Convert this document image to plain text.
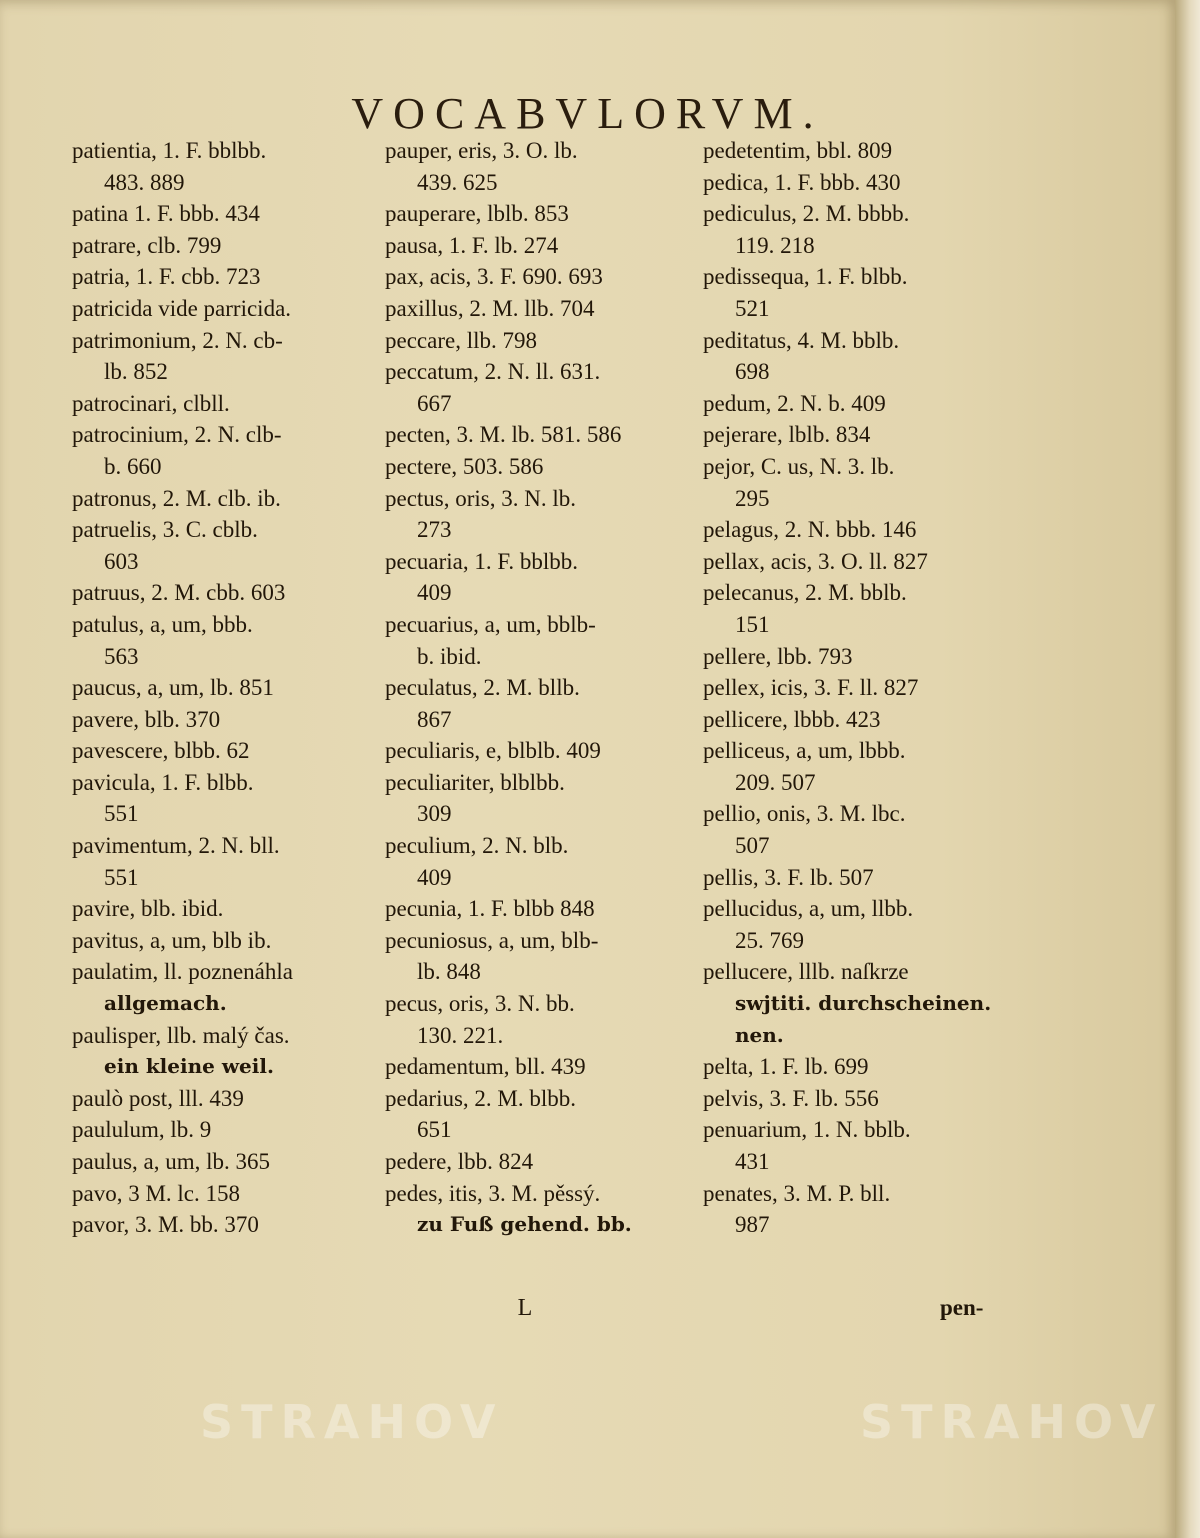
VOCABVLORVM.
patientia, 1. F. bblbb.
483. 889
patina 1. F. bbb. 434
patrare, clb. 799
patria, 1. F. cbb. 723
patricida vide parricida.
patrimonium, 2. N. cb-
lb. 852
patrocinari, clbll.
patrocinium, 2. N. clb-
b. 660
patronus, 2. M. clb. ib.
patruelis, 3. C. cblb.
603
patruus, 2. M. cbb. 603
patulus, a, um, bbb.
563
paucus, a, um, lb. 851
pavere, blb. 370
pavescere, blbb. 62
pavicula, 1. F. blbb.
551
pavimentum, 2. N. bll.
551
pavire, blb. ibid.
pavitus, a, um, blb ib.
paulatim, ll. poznenáhla
allgemach.
paulisper, llb. malý čas.
ein kleine weil.
paulò post, lll. 439
paululum, lb. 9
paulus, a, um, lb. 365
pavo, 3 M. lc. 158
pavor, 3. M. bb. 370
pauper, eris, 3. O. lb.
439. 625
pauperare, lblb. 853
pausa, 1. F. lb. 274
pax, acis, 3. F. 690. 693
paxillus, 2. M. llb. 704
peccare, llb. 798
peccatum, 2. N. ll. 631.
667
pecten, 3. M. lb. 581. 586
pectere, 503. 586
pectus, oris, 3. N. lb.
273
pecuaria, 1. F. bblbb.
409
pecuarius, a, um, bblb-
b. ibid.
peculatus, 2. M. bllb.
867
peculiaris, e, blblb. 409
peculiariter, blblbb.
309
peculium, 2. N. blb.
409
pecunia, 1. F. blbb 848
pecuniosus, a, um, blb-
lb. 848
pecus, oris, 3. N. bb.
130. 221.
pedamentum, bll. 439
pedarius, 2. M. blbb.
651
pedere, lbb. 824
pedes, itis, 3. M. pěssý.
zu Fuß gehend. bb.
pedetentim, bbl. 809
pedica, 1. F. bbb. 430
pediculus, 2. M. bbbb.
119. 218
pedissequa, 1. F. blbb.
521
peditatus, 4. M. bblb.
698
pedum, 2. N. b. 409
pejerare, lblb. 834
pejor, C. us, N. 3. lb.
295
pelagus, 2. N. bbb. 146
pellax, acis, 3. O. ll. 827
pelecanus, 2. M. bblb.
151
pellere, lbb. 793
pellex, icis, 3. F. ll. 827
pellicere, lbbb. 423
pelliceus, a, um, lbbb.
209. 507
pellio, onis, 3. M. lbc.
507
pellis, 3. F. lb. 507
pellucidus, a, um, llbb.
25. 769
pellucere, lllb. naſkrze
swjtiti. durchscheinen.
nen.
pelta, 1. F. lb. 699
pelvis, 3. F. lb. 556
penuarium, 1. N. bblb.
431
penates, 3. M. P. bll.
987
L	pen-
STRAHOV	STRAHOV
